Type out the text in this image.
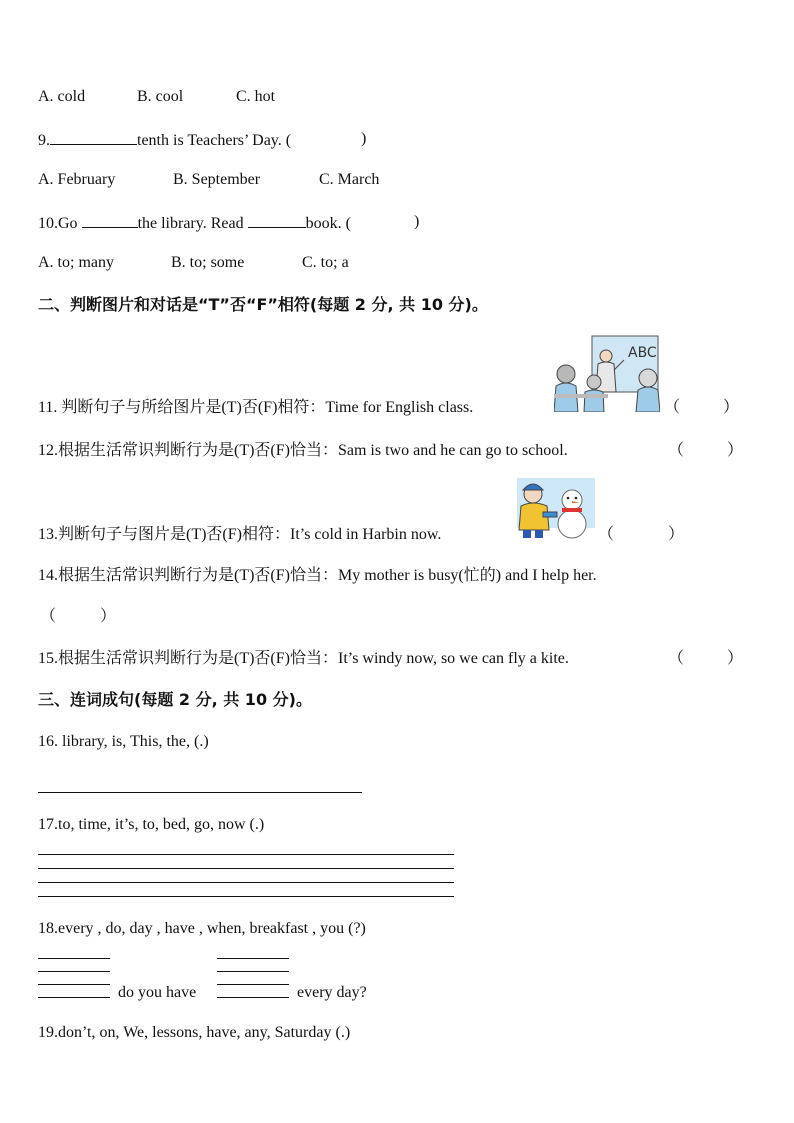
A. cold	B. cool	C. hot
9.	tenth is Teachers’ Day. (	)
A. February	B. September	C. March
10.Go	the library. Read	book. (	)
A. to; many	B. to; some	C. to; a
二、判断图片和对话是“T”否“F”相符(每题 2 分, 共 10 分)。
ABC
11. 判断句子与所给图片是(T)否(F)相符：Time for English class.	（	）
12.根据生活常识判断行为是(T)否(F)恰当：Sam is two and he can go to school.	（	）
13.判断句子与图片是(T)否(F)相符：It’s cold in Harbin now.	（	）
14.根据生活常识判断行为是(T)否(F)恰当：My mother is busy(忙的) and I help her.
（	）
15.根据生活常识判断行为是(T)否(F)恰当：It’s windy now, so we can fly a kite.	（	）
三、连词成句(每题 2 分, 共 10 分)。
16. library, is, This, the, (.)
17.to, time, it’s, to, bed, go, now (.)
18.every , do, day , have , when, breakfast , you (?)
do you have	every day?
19.don’t, on, We, lessons, have, any, Saturday (.)
